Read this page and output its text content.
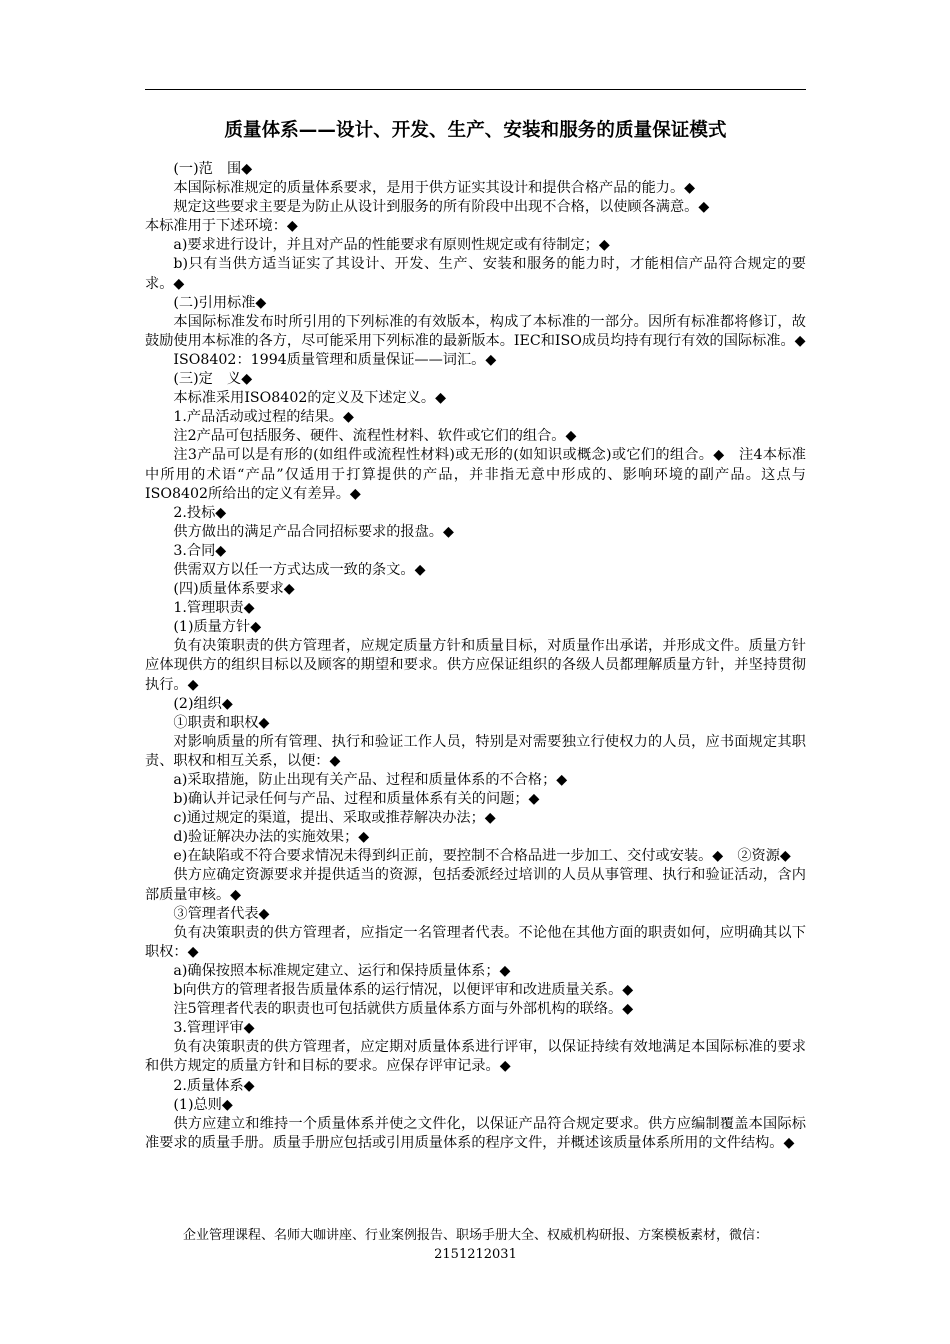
质量体系——设计、开发、生产、安装和服务的质量保证模式

(一)范　围◆

本国际标准规定的质量体系要求，是用于供方证实其设计和提供合格产品的能力。◆

规定这些要求主要是为防止从设计到服务的所有阶段中出现不合格，以使顾各满意。◆

本标准用于下述环境：◆

a)要求进行设计，并且对产品的性能要求有原则性规定或有待制定；◆

b)只有当供方适当证实了其设计、开发、生产、安装和服务的能力时，才能相信产品符合规定的要求。◆

(二)引用标准◆

本国际标准发布时所引用的下列标准的有效版本，构成了本标准的一部分。因所有标准都将修订，故鼓励使用本标准的各方，尽可能采用下列标准的最新版本。IEC和ISO成员均持有现行有效的国际标准。◆

ISO8402：1994质量管理和质量保证——词汇。◆

(三)定　义◆

本标准采用ISO8402的定义及下述定义。◆

1.产品活动或过程的结果。◆

注2产品可包括服务、硬件、流程性材料、软件或它们的组合。◆

注3产品可以是有形的(如组件或流程性材料)或无形的(如知识或概念)或它们的组合。◆　注4本标准中所用的术语“产品”仅适用于打算提供的产品，并非指无意中形成的、影响环境的副产品。这点与ISO8402所给出的定义有差异。◆

2.投标◆

供方做出的满足产品合同招标要求的报盘。◆

3.合同◆

供需双方以任一方式达成一致的条文。◆

(四)质量体系要求◆

1.管理职责◆

(1)质量方针◆

负有决策职责的供方管理者，应规定质量方针和质量目标，对质量作出承诺，并形成文件。质量方针应体现供方的组织目标以及顾客的期望和要求。供方应保证组织的各级人员都理解质量方针，并坚持贯彻执行。◆

(2)组织◆

①职责和职权◆

对影响质量的所有管理、执行和验证工作人员，特别是对需要独立行使权力的人员，应书面规定其职责、职权和相互关系，以便：◆

a)采取措施，防止出现有关产品、过程和质量体系的不合格；◆

b)确认并记录任何与产品、过程和质量体系有关的问题；◆

c)通过规定的渠道，提出、采取或推荐解决办法；◆

d)验证解决办法的实施效果；◆

e)在缺陷或不符合要求情况未得到纠正前，要控制不合格品进一步加工、交付或安装。◆　②资源◆

供方应确定资源要求并提供适当的资源，包括委派经过培训的人员从事管理、执行和验证活动，含内部质量审核。◆

③管理者代表◆

负有决策职责的供方管理者，应指定一名管理者代表。不论他在其他方面的职责如何，应明确其以下职权：◆

a)确保按照本标准规定建立、运行和保持质量体系；◆

b向供方的管理者报告质量体系的运行情况，以便评审和改进质量关系。◆

注5管理者代表的职责也可包括就供方质量体系方面与外部机构的联络。◆

3.管理评审◆

负有决策职责的供方管理者，应定期对质量体系进行评审，以保证持续有效地满足本国际标准的要求和供方规定的质量方针和目标的要求。应保存评审记录。◆

2.质量体系◆

(1)总则◆

供方应建立和维持一个质量体系并使之文件化，以保证产品符合规定要求。供方应编制覆盖本国际标准要求的质量手册。质量手册应包括或引用质量体系的程序文件，并概述该质量体系所用的文件结构。◆

企业管理课程、名师大咖讲座、行业案例报告、职场手册大全、权威机构研报、方案模板素材，微信：
2151212031
